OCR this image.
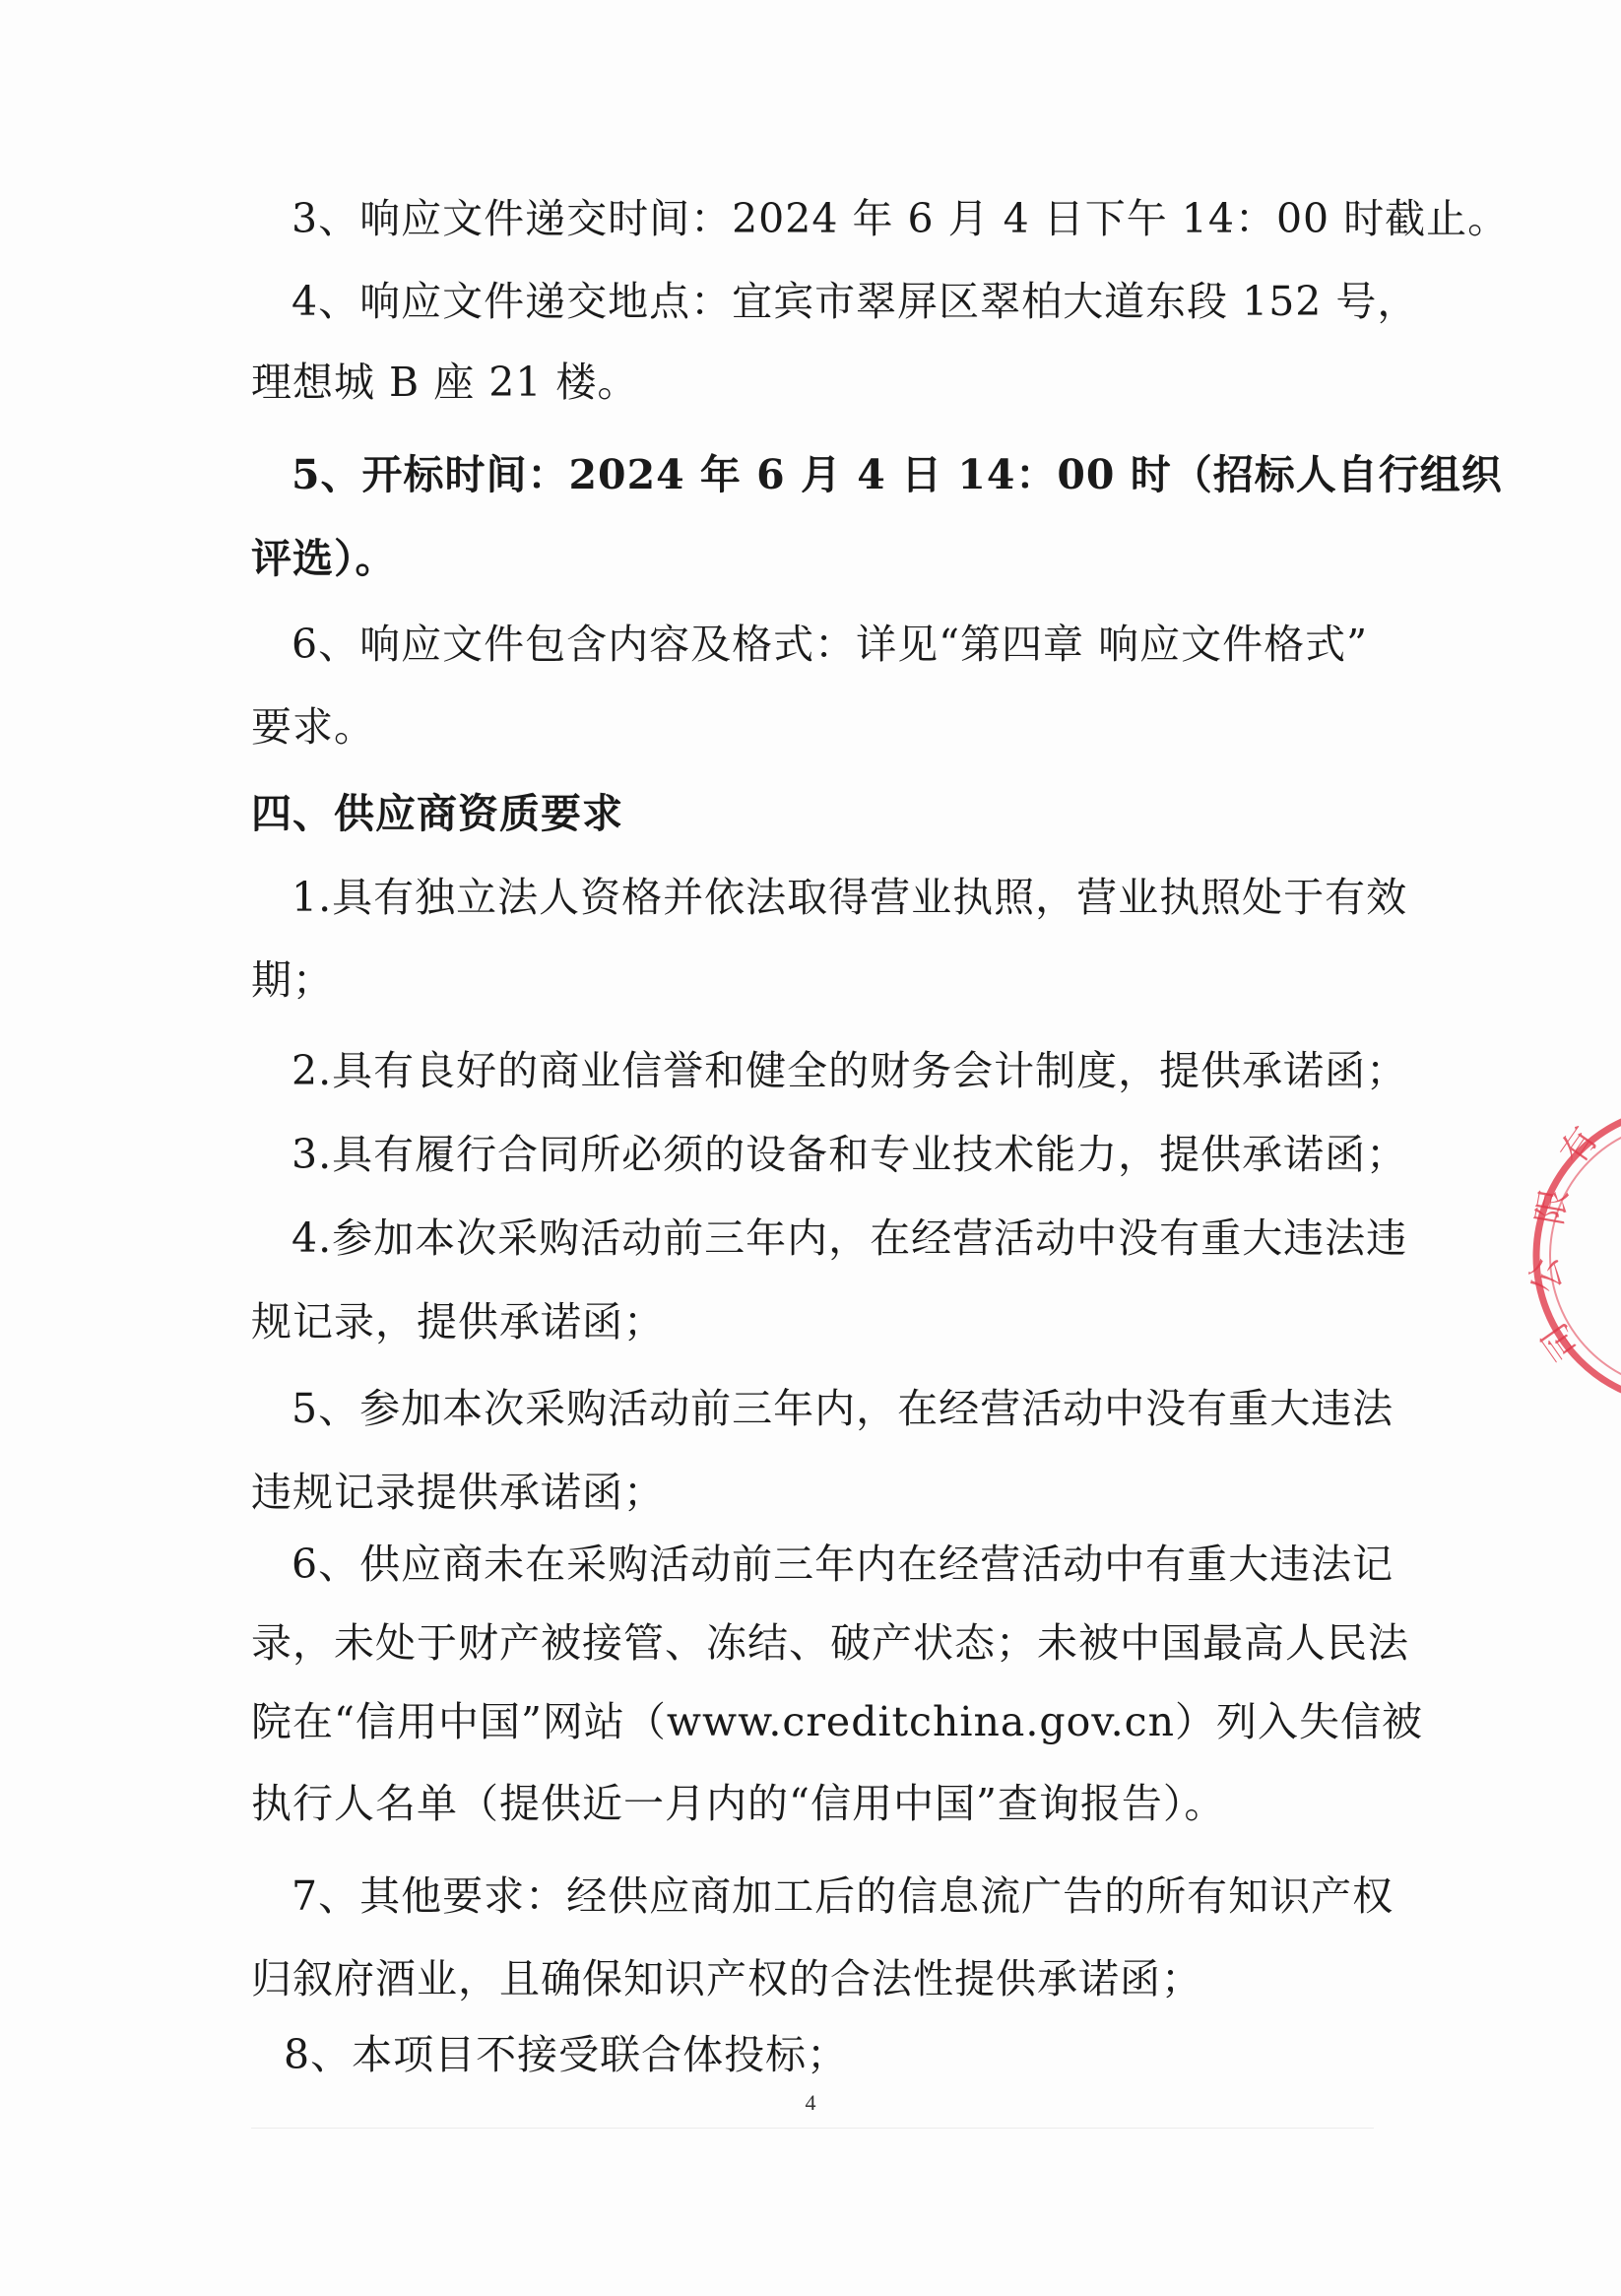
3、响应文件递交时间：2024 年 6 月 4 日下午 14：00 时截止。
4、响应文件递交地点：宜宾市翠屏区翠柏大道东段 152 号，
理想城 B 座 21 楼。
5、开标时间：2024 年 6 月 4 日 14：00 时（招标人自行组织
评选）。
6、响应文件包含内容及格式：详见“第四章 响应文件格式”
要求。
四、供应商资质要求
1.具有独立法人资格并依法取得营业执照，营业执照处于有效
期；
2.具有良好的商业信誉和健全的财务会计制度，提供承诺函；
3.具有履行合同所必须的设备和专业技术能力，提供承诺函；
4.参加本次采购活动前三年内，在经营活动中没有重大违法违
规记录，提供承诺函；
5、参加本次采购活动前三年内，在经营活动中没有重大违法
违规记录提供承诺函；
6、供应商未在采购活动前三年内在经营活动中有重大违法记
录，未处于财产被接管、冻结、破产状态；未被中国最高人民法
院在“信用中国”网站（www.creditchina.gov.cn）列入失信被
执行人名单（提供近一月内的“信用中国”查询报告）。
7、其他要求：经供应商加工后的信息流广告的所有知识产权
归叙府酒业，且确保知识产权的合法性提供承诺函；
8、本项目不接受联合体投标；
4
有
限
公
司
